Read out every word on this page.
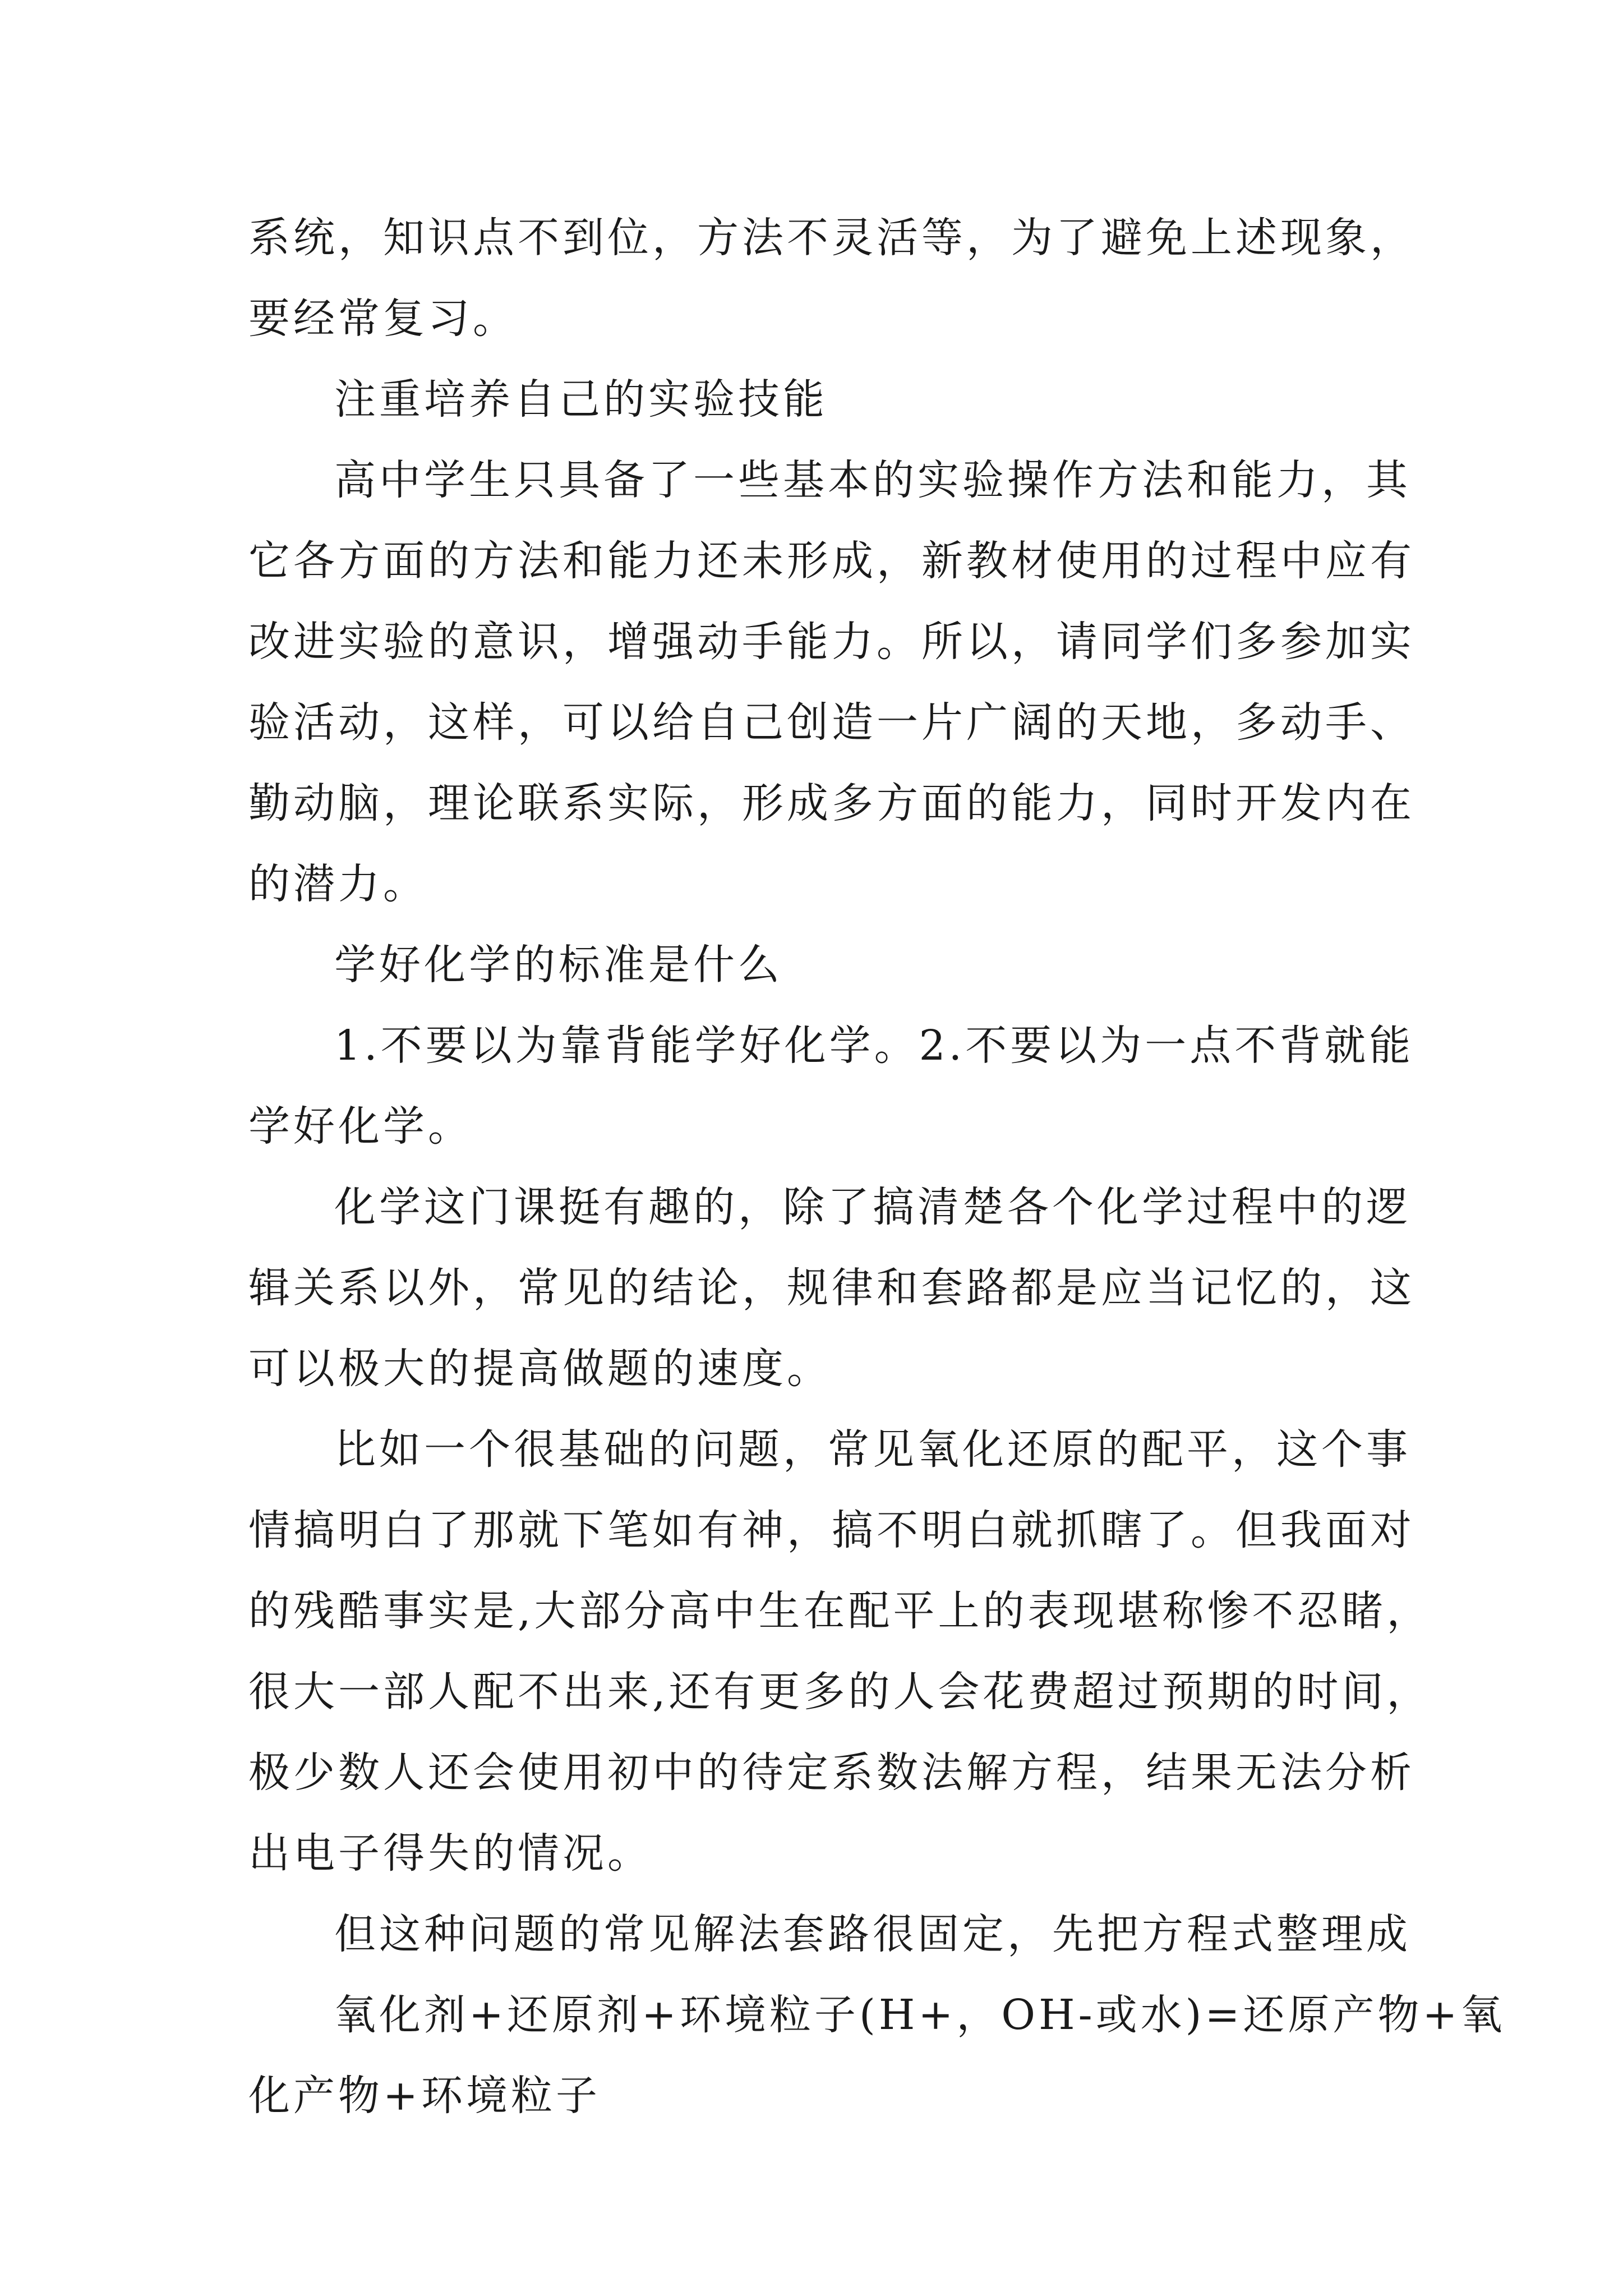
系统，知识点不到位，方法不灵活等，为了避免上述现象，
要经常复习。
注重培养自己的实验技能
高中学生只具备了一些基本的实验操作方法和能力，其
它各方面的方法和能力还未形成，新教材使用的过程中应有
改进实验的意识，增强动手能力。所以，请同学们多参加实
验活动，这样，可以给自己创造一片广阔的天地，多动手、
勤动脑，理论联系实际，形成多方面的能力，同时开发内在
的潜力。
学好化学的标准是什么
1.不要以为靠背能学好化学。2.不要以为一点不背就能
学好化学。
化学这门课挺有趣的，除了搞清楚各个化学过程中的逻
辑关系以外，常见的结论，规律和套路都是应当记忆的，这
可以极大的提高做题的速度。
比如一个很基础的问题，常见氧化还原的配平，这个事
情搞明白了那就下笔如有神，搞不明白就抓瞎了。但我面对
的残酷事实是,大部分高中生在配平上的表现堪称惨不忍睹，
很大一部人配不出来,还有更多的人会花费超过预期的时间，
极少数人还会使用初中的待定系数法解方程，结果无法分析
出电子得失的情况。
但这种问题的常见解法套路很固定，先把方程式整理成
氧化剂+还原剂+环境粒子(H+，OH-或水)=还原产物+氧
化产物+环境粒子
